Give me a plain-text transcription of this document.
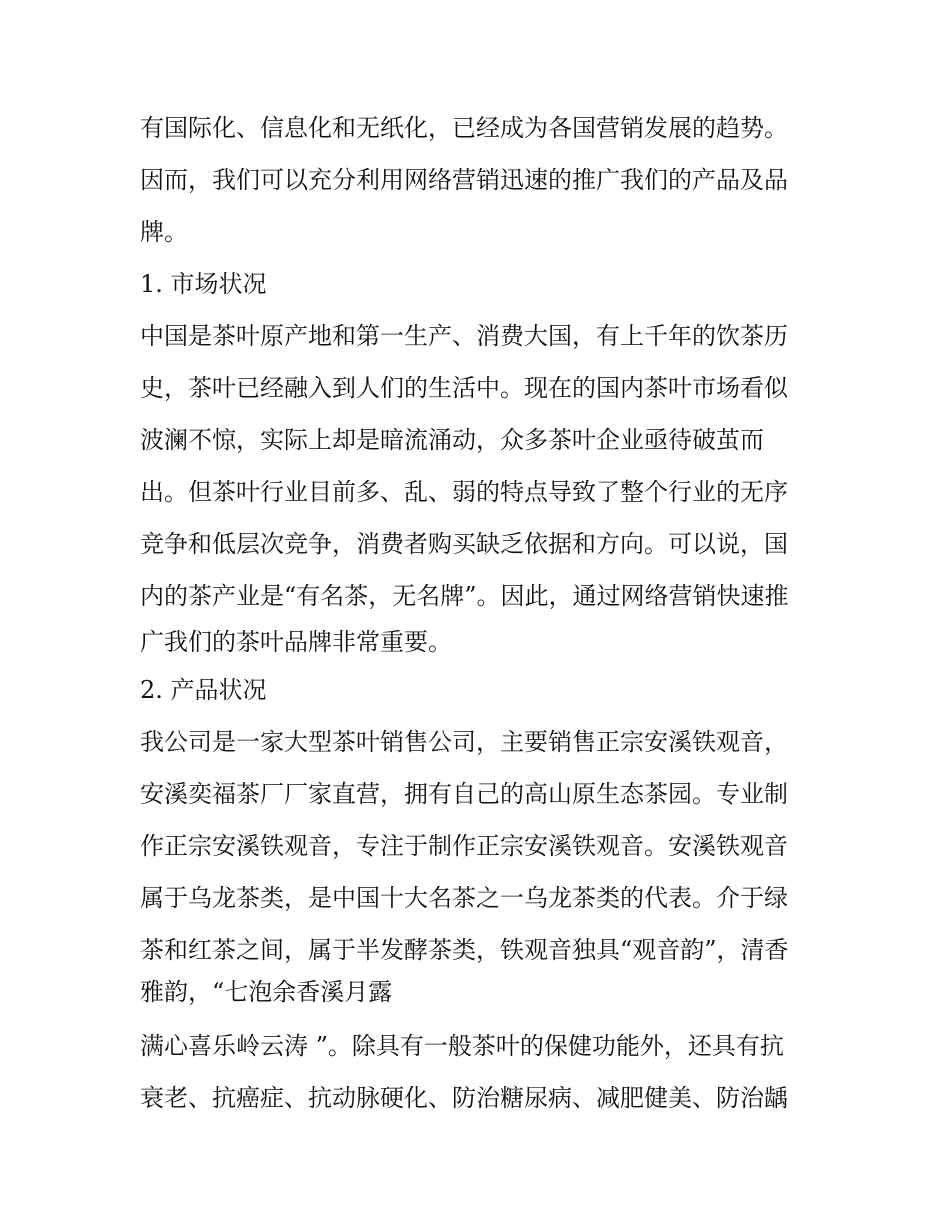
有国际化、信息化和无纸化，已经成为各国营销发展的趋势。
因而，我们可以充分利用网络营销迅速的推广我们的产品及品
牌。
1. 市场状况
中国是茶叶原产地和第一生产、消费大国，有上千年的饮茶历
史，茶叶已经融入到人们的生活中。现在的国内茶叶市场看似
波澜不惊，实际上却是暗流涌动，众多茶叶企业亟待破茧而
出。但茶叶行业目前多、乱、弱的特点导致了整个行业的无序
竞争和低层次竞争，消费者购买缺乏依据和方向。可以说，国
内的茶产业是“有名茶，无名牌”。因此，通过网络营销快速推
广我们的茶叶品牌非常重要。
2. 产品状况
我公司是一家大型茶叶销售公司，主要销售正宗安溪铁观音，
安溪奕福茶厂厂家直营，拥有自己的高山原生态茶园。专业制
作正宗安溪铁观音，专注于制作正宗安溪铁观音。安溪铁观音
属于乌龙茶类，是中国十大名茶之一乌龙茶类的代表。介于绿
茶和红茶之间，属于半发酵茶类，铁观音独具“观音韵”，清香
雅韵，“七泡余香溪月露
满心喜乐岭云涛 ”。除具有一般茶叶的保健功能外，还具有抗
衰老、抗癌症、抗动脉硬化、防治糖尿病、减肥健美、防治龋
